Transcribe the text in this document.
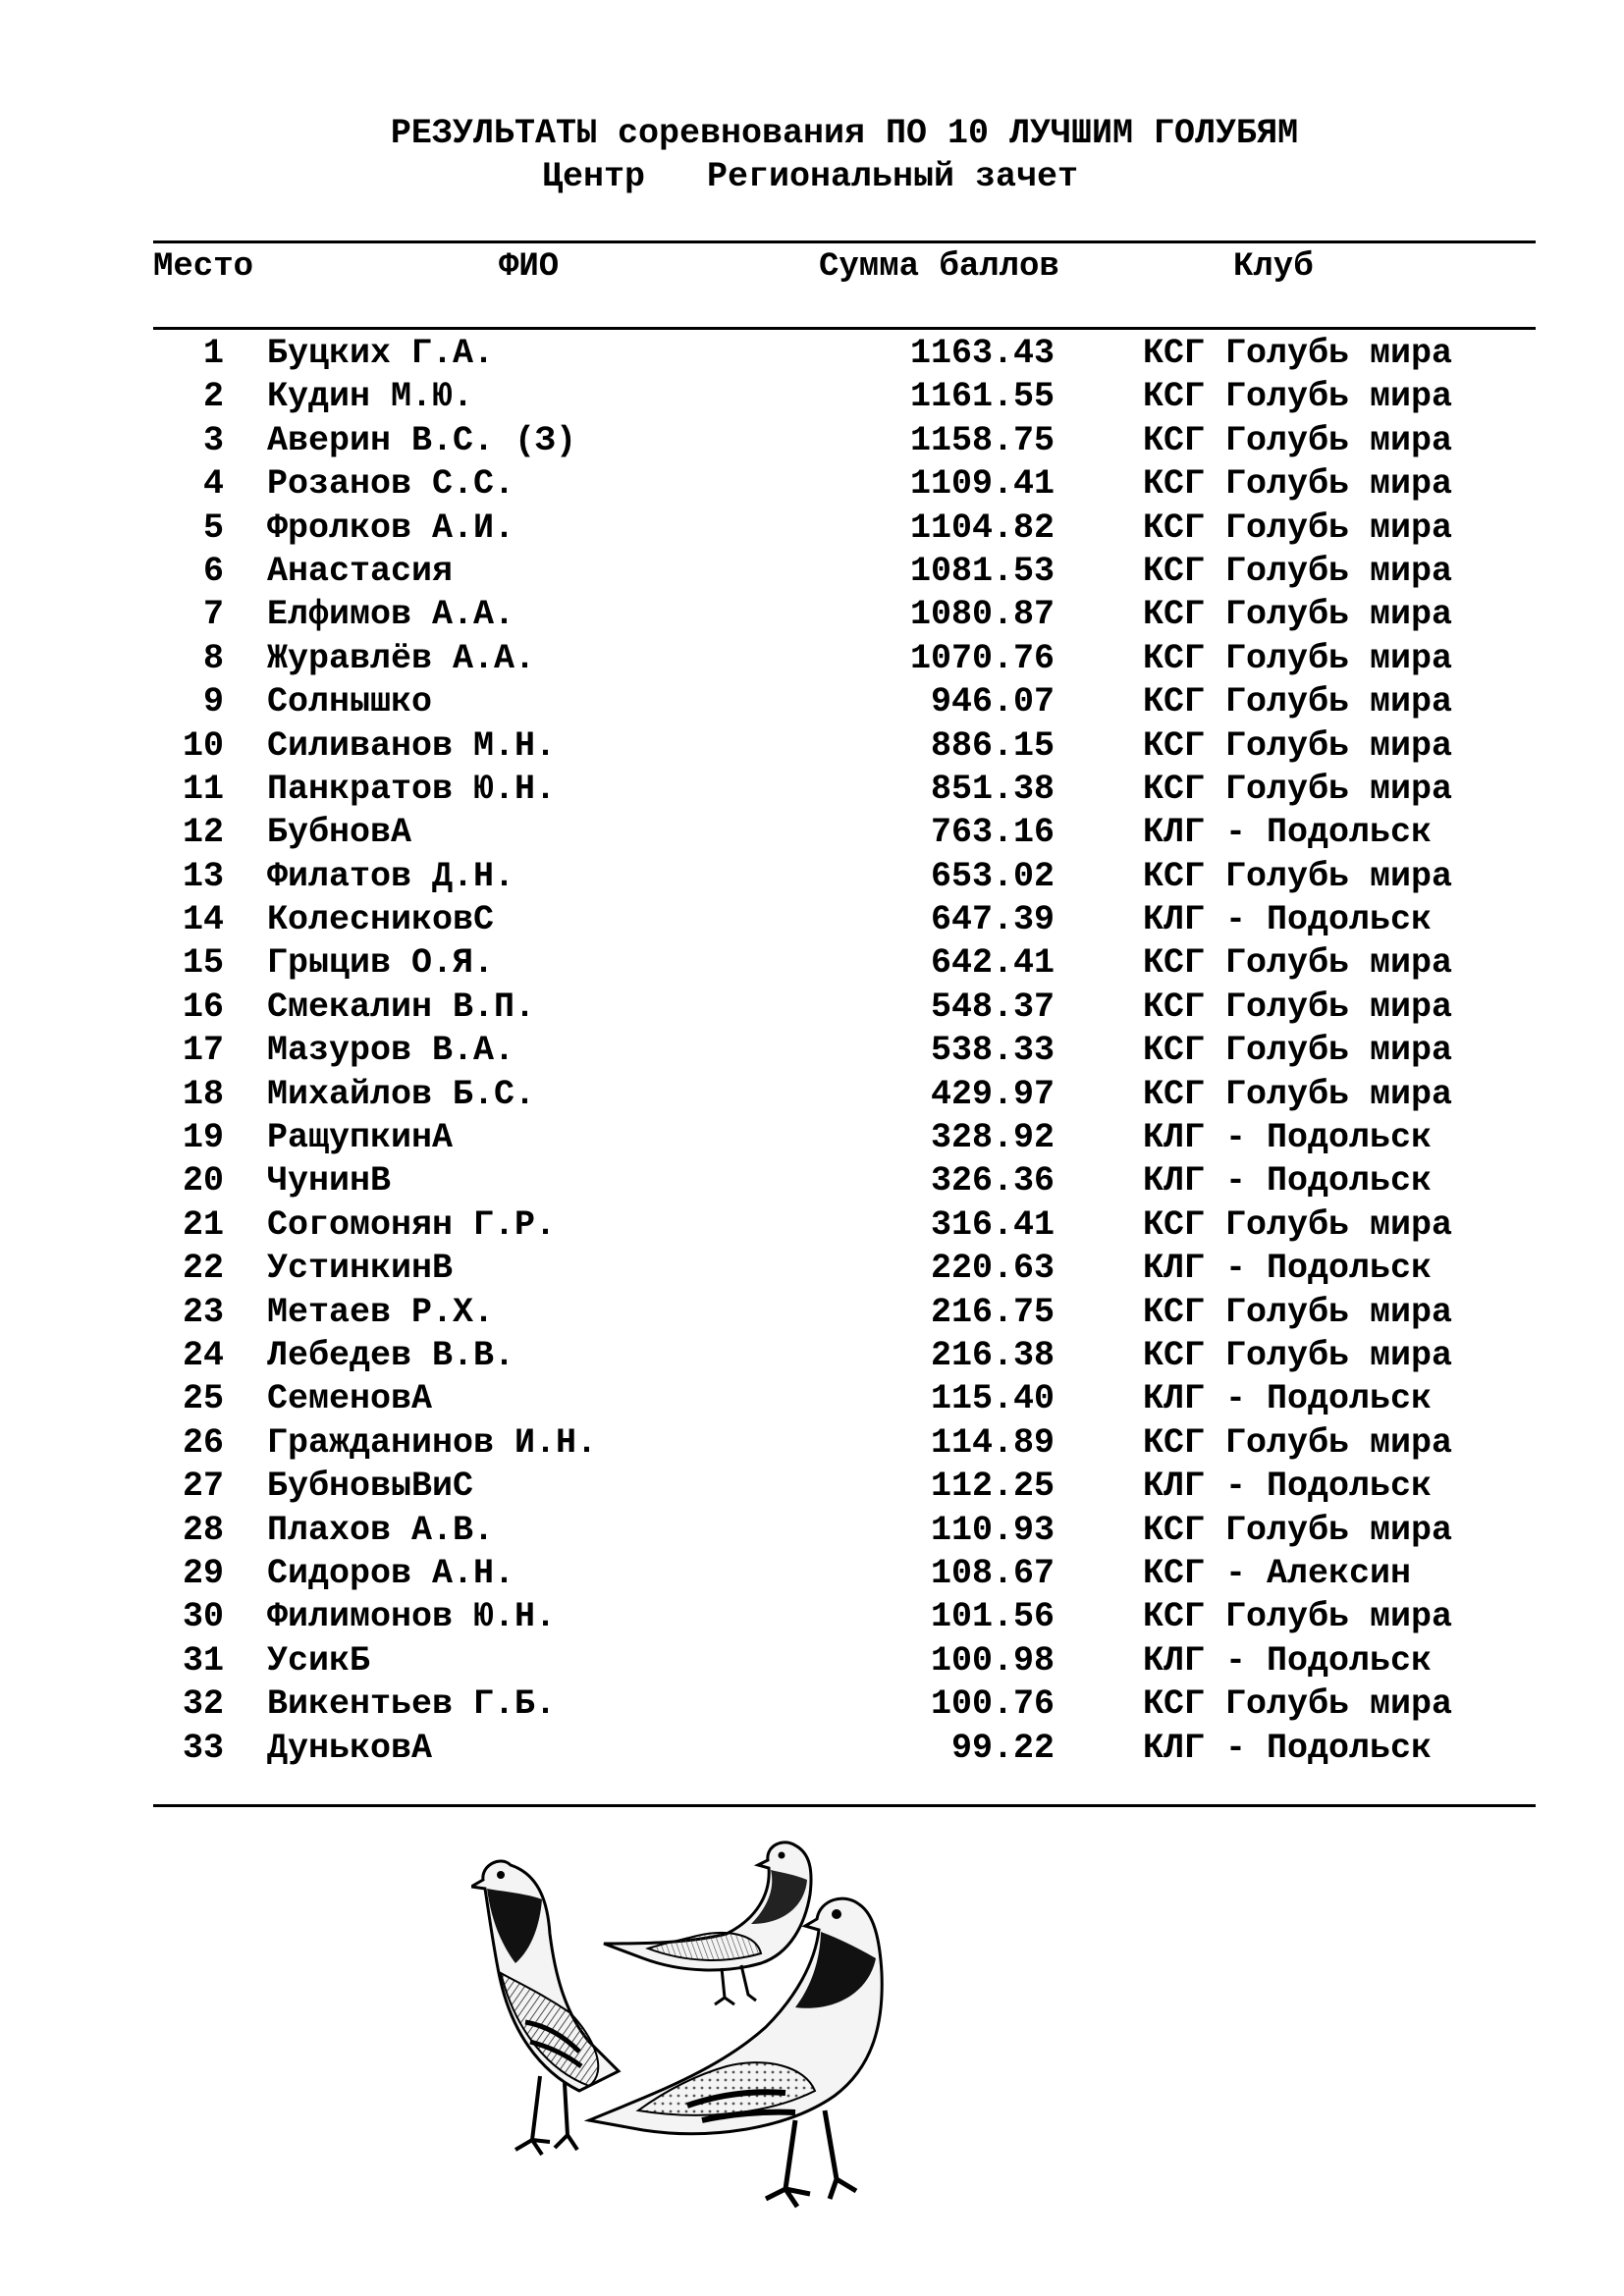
РЕЗУЛЬТАТЫ соревнования ПО 10 ЛУЧШИМ ГОЛУБЯМ
Центр   Региональный зачет
Место	ФИО	Сумма баллов	Клуб
1 Буцких Г.А.	1163.43	КСГ Голубь мира
2 Кудин М.Ю.	1161.55	КСГ Голубь мира
3 Аверин В.С. (З)	1158.75	КСГ Голубь мира
4 Розанов С.С.	1109.41	КСГ Голубь мира
5 Фролков А.И.	1104.82	КСГ Голубь мира
6 Анастасия	1081.53	КСГ Голубь мира
7 Елфимов А.А.	1080.87	КСГ Голубь мира
8 Журавлёв А.А.	1070.76	КСГ Голубь мира
9 Солнышко	946.07	КСГ Голубь мира
10 Силиванов М.Н.	886.15	КСГ Голубь мира
11 Панкратов Ю.Н.	851.38	КСГ Голубь мира
12 БубновА	763.16	КЛГ - Подольск
13 Филатов Д.Н.	653.02	КСГ Голубь мира
14 КолесниковС	647.39	КЛГ - Подольск
15 Грыцив О.Я.	642.41	КСГ Голубь мира
16 Смекалин В.П.	548.37	КСГ Голубь мира
17 Мазуров В.А.	538.33	КСГ Голубь мира
18 Михайлов Б.С.	429.97	КСГ Голубь мира
19 РащупкинА	328.92	КЛГ - Подольск
20 ЧунинВ	326.36	КЛГ - Подольск
21 Согомонян Г.Р.	316.41	КСГ Голубь мира
22 УстинкинВ	220.63	КЛГ - Подольск
23 Метаев Р.Х.	216.75	КСГ Голубь мира
24 Лебедев В.В.	216.38	КСГ Голубь мира
25 СеменовА	115.40	КЛГ - Подольск
26 Гражданинов И.Н.	114.89	КСГ Голубь мира
27 БубновыВиС	112.25	КЛГ - Подольск
28 Плахов А.В.	110.93	КСГ Голубь мира
29 Сидоров А.Н.	108.67	КСГ - Алексин
30 Филимонов Ю.Н.	101.56	КСГ Голубь мира
31 УсикБ	100.98	КЛГ - Подольск
32 Викентьев Г.Б.	100.76	КСГ Голубь мира
33 ДуньковА	99.22	КЛГ - Подольск
